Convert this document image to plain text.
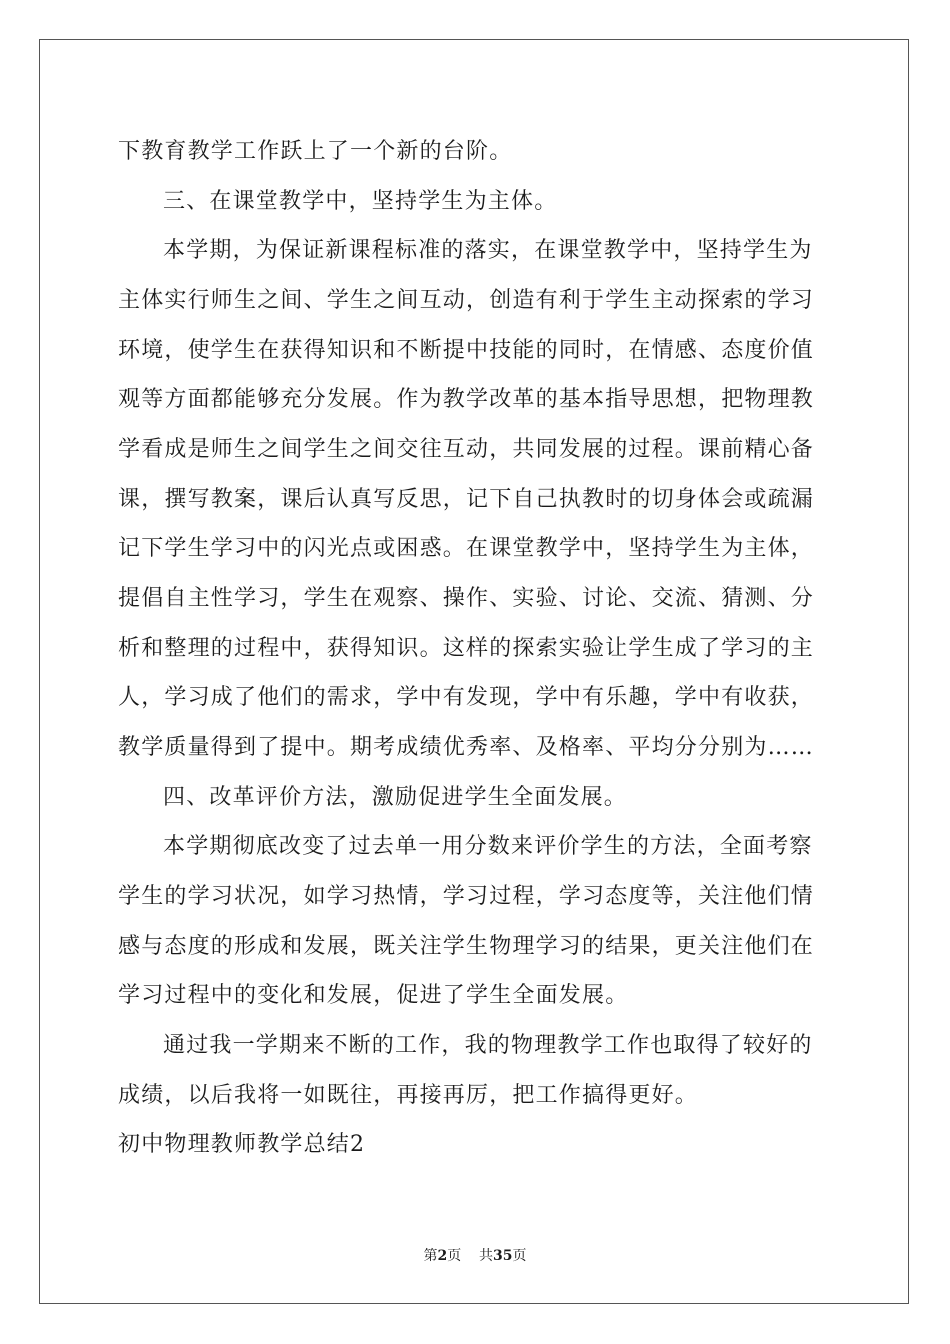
下教育教学工作跃上了一个新的台阶。
三、在课堂教学中，坚持学生为主体。
本学期，为保证新课程标准的落实，在课堂教学中，坚持学生为
主体实行师生之间、学生之间互动，创造有利于学生主动探索的学习
环境，使学生在获得知识和不断提中技能的同时，在情感、态度价值
观等方面都能够充分发展。作为教学改革的基本指导思想，把物理教
学看成是师生之间学生之间交往互动，共同发展的过程。课前精心备
课，撰写教案，课后认真写反思，记下自己执教时的切身体会或疏漏
记下学生学习中的闪光点或困惑。在课堂教学中，坚持学生为主体，
提倡自主性学习，学生在观察、操作、实验、讨论、交流、猜测、分
析和整理的过程中，获得知识。这样的探索实验让学生成了学习的主
人，学习成了他们的需求，学中有发现，学中有乐趣，学中有收获，
教学质量得到了提中。期考成绩优秀率、及格率、平均分分别为……
四、改革评价方法，激励促进学生全面发展。
本学期彻底改变了过去单一用分数来评价学生的方法，全面考察
学生的学习状况，如学习热情，学习过程，学习态度等，关注他们情
感与态度的形成和发展，既关注学生物理学习的结果，更关注他们在
学习过程中的变化和发展，促进了学生全面发展。
通过我一学期来不断的工作，我的物理教学工作也取得了较好的
成绩，以后我将一如既往，再接再厉，把工作搞得更好。
初中物理教师教学总结2
第2页 共35页
